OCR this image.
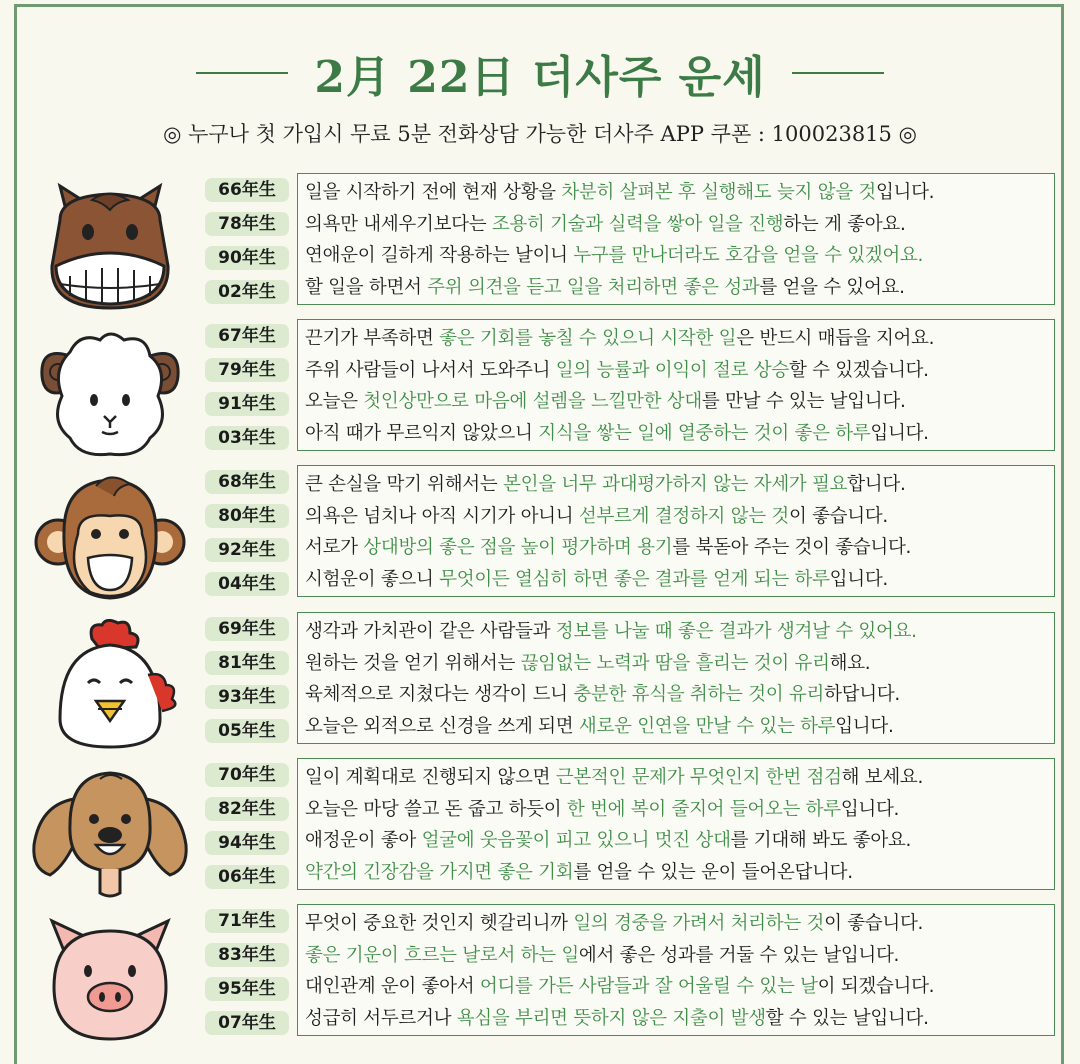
2月 22日 더사주 운세
◎ 누구나 첫 가입시 무료 5분 전화상담 가능한 더사주 APP 쿠폰 : 100023815 ◎
66年生
78年生
90年生
02年生
일을 시작하기 전에 현재 상황을 차분히 살펴본 후 실행해도 늦지 않을 것입니다.
의욕만 내세우기보다는 조용히 기술과 실력을 쌓아 일을 진행하는 게 좋아요.
연애운이 길하게 작용하는 날이니 누구를 만나더라도 호감을 얻을 수 있겠어요.
할 일을 하면서 주위 의견을 듣고 일을 처리하면 좋은 성과를 얻을 수 있어요.
67年生
79年生
91年生
03年生
끈기가 부족하면 좋은 기회를 놓칠 수 있으니 시작한 일은 반드시 매듭을 지어요.
주위 사람들이 나서서 도와주니 일의 능률과 이익이 절로 상승할 수 있겠습니다.
오늘은 첫인상만으로 마음에 설렘을 느낄만한 상대를 만날 수 있는 날입니다.
아직 때가 무르익지 않았으니 지식을 쌓는 일에 열중하는 것이 좋은 하루입니다.
68年生
80年生
92年生
04年生
큰 손실을 막기 위해서는 본인을 너무 과대평가하지 않는 자세가 필요합니다.
의욕은 넘치나 아직 시기가 아니니 섣부르게 결정하지 않는 것이 좋습니다.
서로가 상대방의 좋은 점을 높이 평가하며 용기를 북돋아 주는 것이 좋습니다.
시험운이 좋으니 무엇이든 열심히 하면 좋은 결과를 얻게 되는 하루입니다.
69年生
81年生
93年生
05年生
생각과 가치관이 같은 사람들과 정보를 나눌 때 좋은 결과가 생겨날 수 있어요.
원하는 것을 얻기 위해서는 끊임없는 노력과 땀을 흘리는 것이 유리해요.
육체적으로 지쳤다는 생각이 드니 충분한 휴식을 취하는 것이 유리하답니다.
오늘은 외적으로 신경을 쓰게 되면 새로운 인연을 만날 수 있는 하루입니다.
70年生
82年生
94年生
06年生
일이 계획대로 진행되지 않으면 근본적인 문제가 무엇인지 한번 점검해 보세요.
오늘은 마당 쓸고 돈 줍고 하듯이 한 번에 복이 줄지어 들어오는 하루입니다.
애정운이 좋아 얼굴에 웃음꽃이 피고 있으니 멋진 상대를 기대해 봐도 좋아요.
약간의 긴장감을 가지면 좋은 기회를 얻을 수 있는 운이 들어온답니다.
71年生
83年生
95年生
07年生
무엇이 중요한 것인지 헷갈리니까 일의 경중을 가려서 처리하는 것이 좋습니다.
좋은 기운이 흐르는 날로서 하는 일에서 좋은 성과를 거둘 수 있는 날입니다.
대인관계 운이 좋아서 어디를 가든 사람들과 잘 어울릴 수 있는 날이 되겠습니다.
성급히 서두르거나 욕심을 부리면 뜻하지 않은 지출이 발생할 수 있는 날입니다.
